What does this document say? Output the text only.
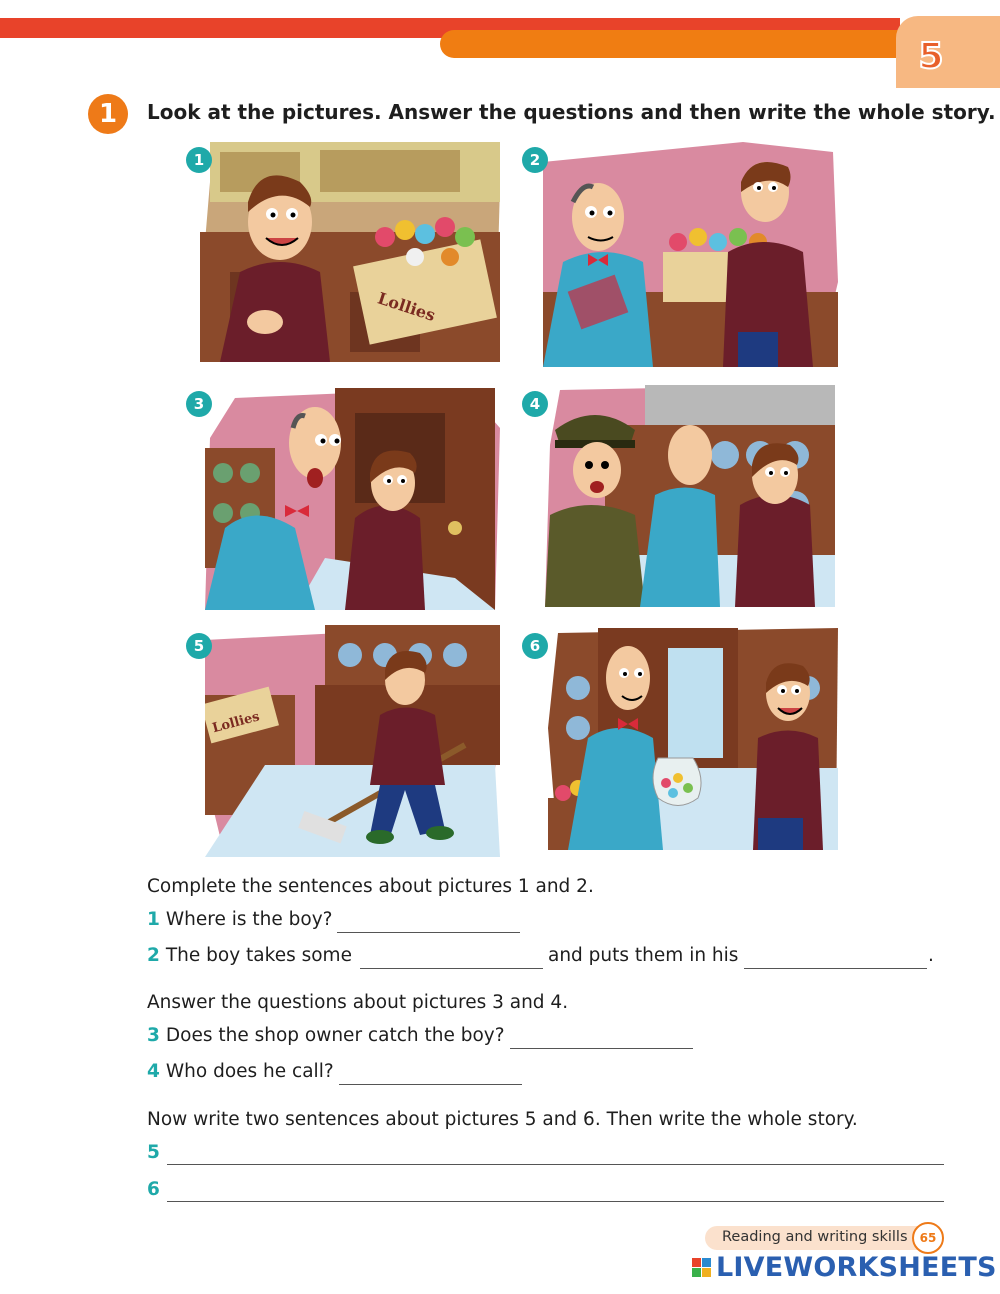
5
1	Look at the pictures. Answer the questions and then write the whole story.
Lollies
1	2
3	4
Lollies
5	6
Complete the sentences about pictures 1 and 2.
1 Where is the boy?
2 The boy takes some	and puts them in his	.
Answer the questions about pictures 3 and 4.
3 Does the shop owner catch the boy?
4 Who does he call?
Now write two sentences about pictures 5 and 6. Then write the whole story.
5
6
Reading and writing skills	65
LIVEWORKSHEETS
